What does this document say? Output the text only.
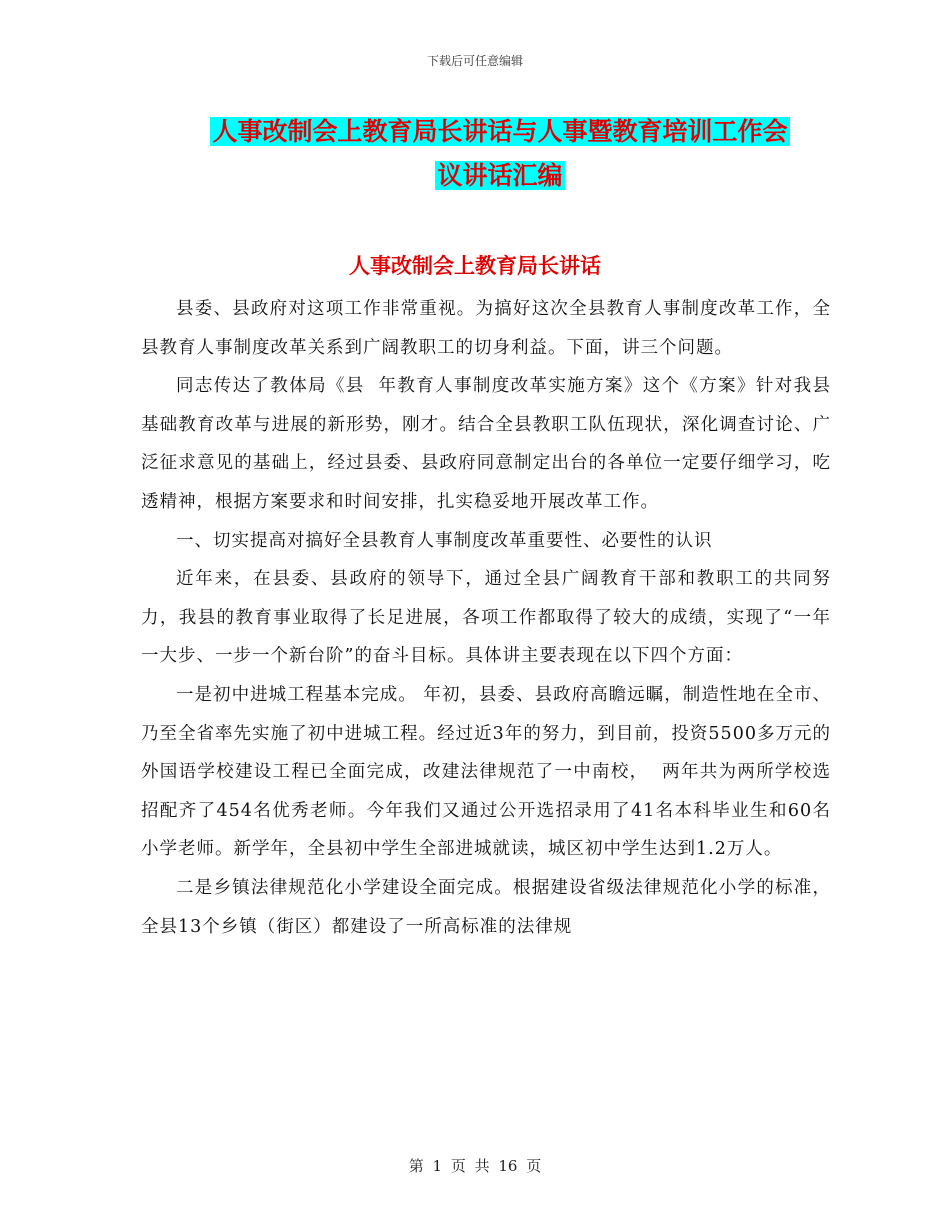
下载后可任意编辑
人事改制会上教育局长讲话与人事暨教育培训工作会
议讲话汇编
人事改制会上教育局长讲话

县委、县政府对这项工作非常重视。为搞好这次全县教育人事制度改革工作，全县教育人事制度改革关系到广阔教职工的切身利益。下面，讲三个问题。

同志传达了教体局《县  年教育人事制度改革实施方案》这个《方案》针对我县基础教育改革与进展的新形势，刚才。结合全县教职工队伍现状，深化调查讨论、广泛征求意见的基础上，经过县委、县政府同意制定出台的各单位一定要仔细学习，吃透精神，根据方案要求和时间安排，扎实稳妥地开展改革工作。

一、切实提高对搞好全县教育人事制度改革重要性、必要性的认识

近年来，在县委、县政府的领导下，通过全县广阔教育干部和教职工的共同努力，我县的教育事业取得了长足进展，各项工作都取得了较大的成绩，实现了“一年一大步、一步一个新台阶”的奋斗目标。具体讲主要表现在以下四个方面：

一是初中进城工程基本完成。 年初，县委、县政府高瞻远瞩，制造性地在全市、乃至全省率先实施了初中进城工程。经过近3年的努力，到目前，投资5500多万元的外国语学校建设工程已全面完成，改建法律规范了一中南校，  两年共为两所学校选招配齐了454名优秀老师。今年我们又通过公开选招录用了41名本科毕业生和60名小学老师。新学年，全县初中学生全部进城就读，城区初中学生达到1.2万人。

二是乡镇法律规范化小学建设全面完成。根据建设省级法律规范化小学的标准，全县13个乡镇（街区）都建设了一所高标准的法律规

第 1 页 共 16 页
